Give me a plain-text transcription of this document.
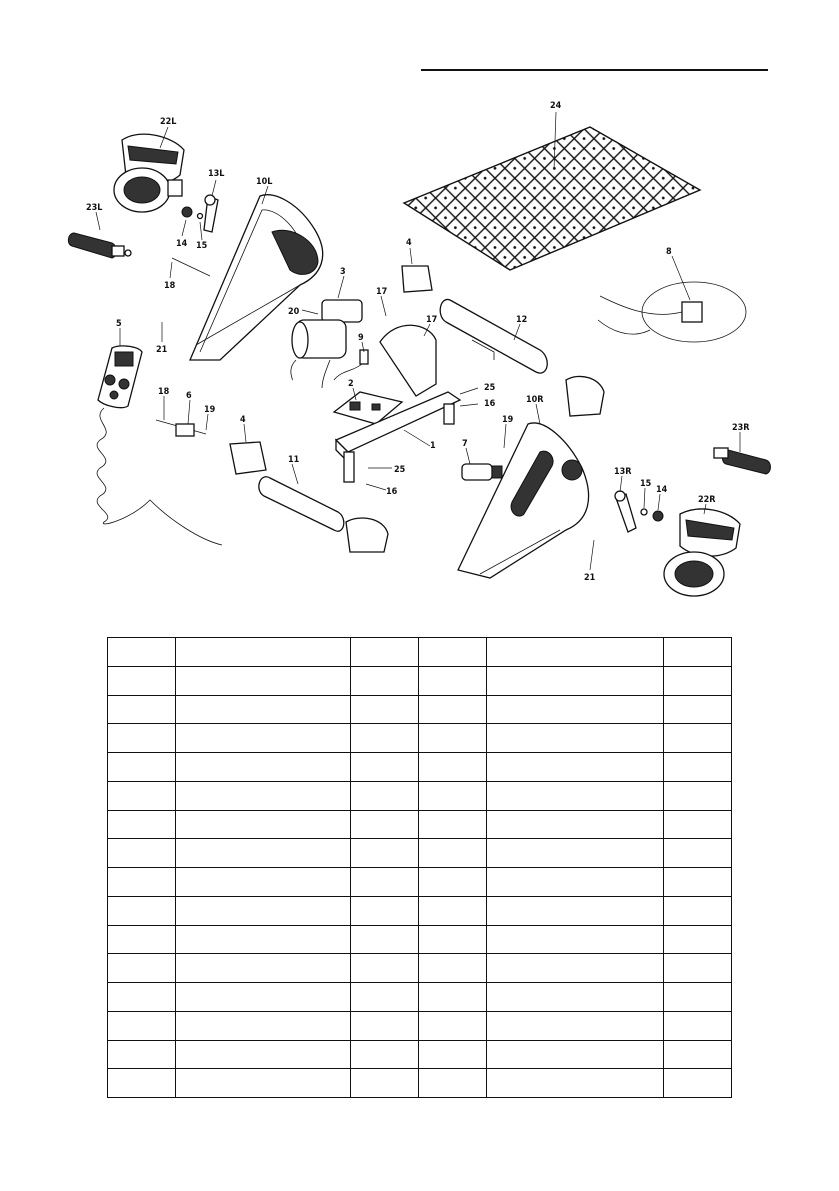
24
22L
13L
10L
23L
14 15
18
4
3
8
17
17
20
5
21
12
9
2	25
16
18 6
19
4
10R
19
1	7
11
25
16
23R
13R
15
14
22R
21
